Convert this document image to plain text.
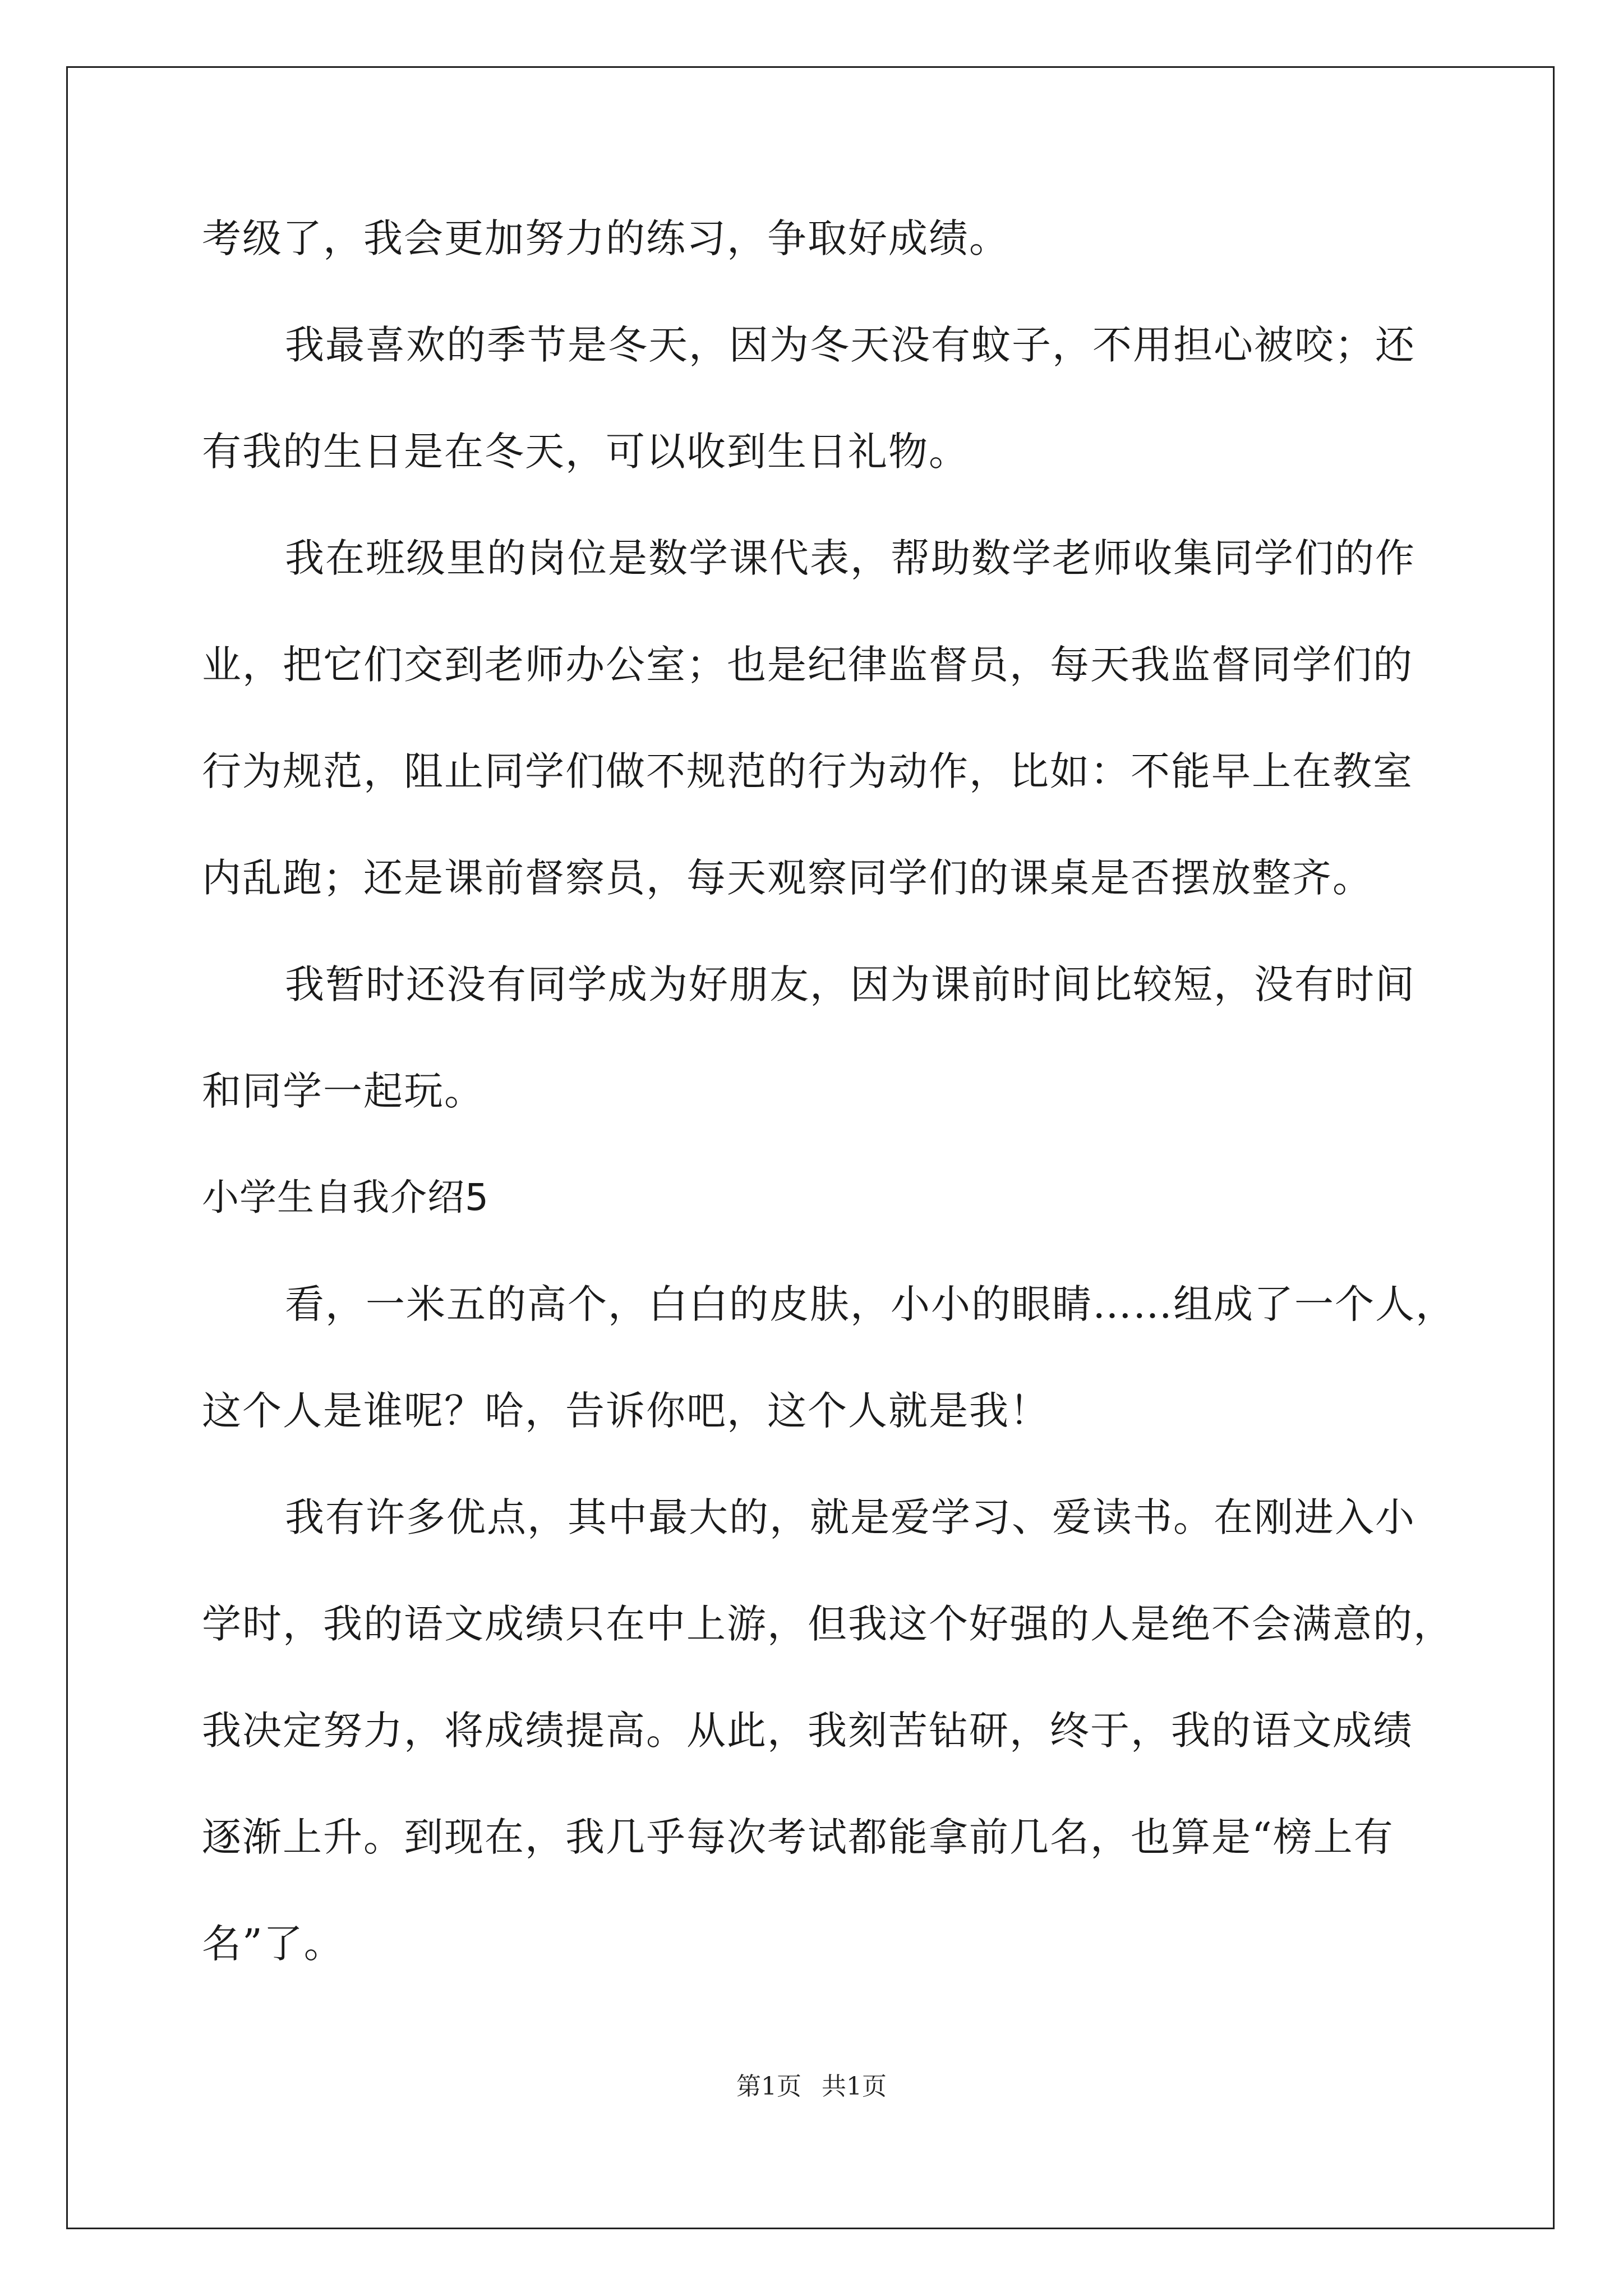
考级了，我会更加努力的练习，争取好成绩。
我最喜欢的季节是冬天，因为冬天没有蚊子，不用担心被咬；还
有我的生日是在冬天，可以收到生日礼物。
我在班级里的岗位是数学课代表，帮助数学老师收集同学们的作
业，把它们交到老师办公室；也是纪律监督员，每天我监督同学们的
行为规范，阻止同学们做不规范的行为动作，比如：不能早上在教室
内乱跑；还是课前督察员，每天观察同学们的课桌是否摆放整齐。
我暂时还没有同学成为好朋友，因为课前时间比较短，没有时间
和同学一起玩。
小学生自我介绍5
看，一米五的高个，白白的皮肤，小小的眼睛……组成了一个人，
这个人是谁呢？哈，告诉你吧，这个人就是我！
我有许多优点，其中最大的，就是爱学习、爱读书。在刚进入小
学时，我的语文成绩只在中上游，但我这个好强的人是绝不会满意的，
我决定努力，将成绩提高。从此，我刻苦钻研，终于，我的语文成绩
逐渐上升。到现在，我几乎每次考试都能拿前几名，也算是“榜上有
名”了。
第1页 共1页
